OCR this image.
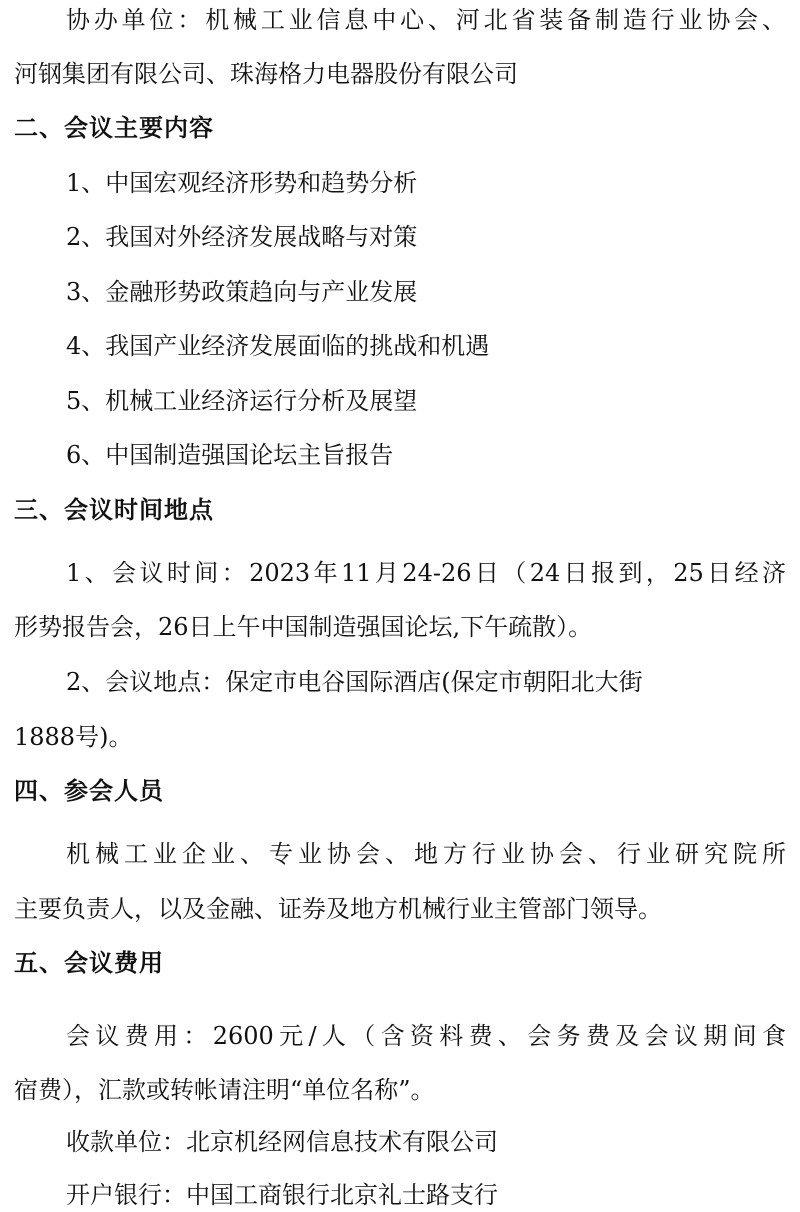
协办单位：机械工业信息中心、河北省装备制造行业协会、
河钢集团有限公司、珠海格力电器股份有限公司
二、会议主要内容
1、中国宏观经济形势和趋势分析
2、我国对外经济发展战略与对策
3、金融形势政策趋向与产业发展
4、我国产业经济发展面临的挑战和机遇
5、机械工业经济运行分析及展望
6、中国制造强国论坛主旨报告
三、会议时间地点
1、会议时间：2023年11月24-26日（24日报到，25日经济
形势报告会，26日上午中国制造强国论坛,下午疏散）。
2、会议地点：保定市电谷国际酒店(保定市朝阳北大街
1888号)。
四、参会人员
机械工业企业、专业协会、地方行业协会、行业研究院所
主要负责人，以及金融、证券及地方机械行业主管部门领导。
五、会议费用
会议费用：2600元/人（含资料费、会务费及会议期间食
宿费），汇款或转帐请注明“单位名称”。
收款单位：北京机经网信息技术有限公司
开户银行：中国工商银行北京礼士路支行
